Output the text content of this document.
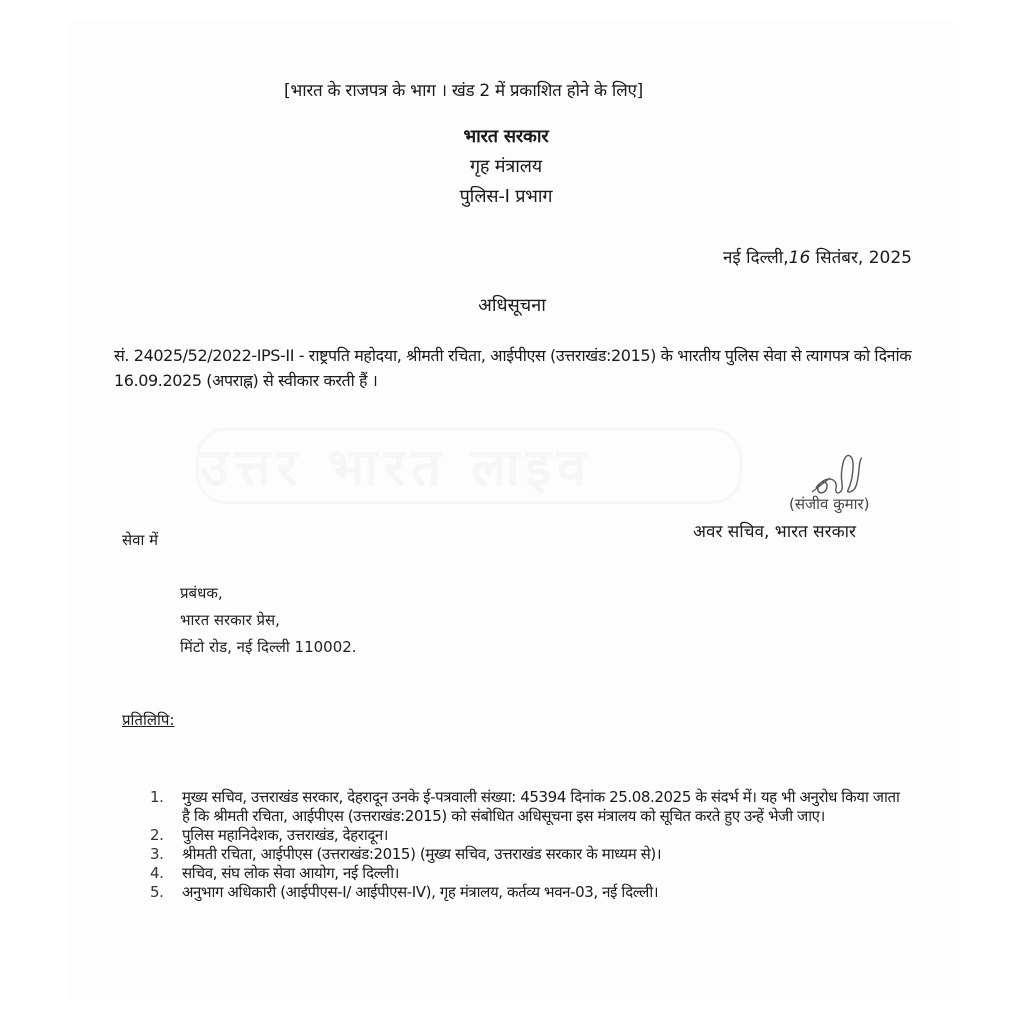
[भारत के राजपत्र के भाग । खंड 2 में प्रकाशित होने के लिए]
भारत सरकार
गृह मंत्रालय
पुलिस-I प्रभाग
नई दिल्ली,16 सितंबर, 2025
अधिसूचना
सं. 24025/52/2022-IPS-II - राष्ट्रपति महोदया, श्रीमती रचिता, आईपीएस (उत्तराखंड:2015) के भारतीय पुलिस सेवा से त्यागपत्र को दिनांक 16.09.2025 (अपराह्न) से स्वीकार करती हैं ।
उत्तर भारत लाइव
(संजीव कुमार)
अवर सचिव, भारत सरकार
सेवा में
प्रबंधक,
भारत सरकार प्रेस,
मिंटो रोड, नई दिल्ली 110002.
प्रतिलिपि:
1.	मुख्य सचिव, उत्तराखंड सरकार, देहरादून उनके ई-पत्रवाली संख्या: 45394 दिनांक 25.08.2025 के संदर्भ में। यह भी अनुरोध किया जाता है कि श्रीमती रचिता, आईपीएस (उत्तराखंड:2015) को संबोधित अधिसूचना इस मंत्रालय को सूचित करते हुए उन्हें भेजी जाए।
2.	पुलिस महानिदेशक, उत्तराखंड, देहरादून।
3.	श्रीमती रचिता, आईपीएस (उत्तराखंड:2015) (मुख्य सचिव, उत्तराखंड सरकार के माध्यम से)।
4.	सचिव, संघ लोक सेवा आयोग, नई दिल्ली।
5.	अनुभाग अधिकारी (आईपीएस-I/ आईपीएस-IV), गृह मंत्रालय, कर्तव्य भवन-03, नई दिल्ली।
